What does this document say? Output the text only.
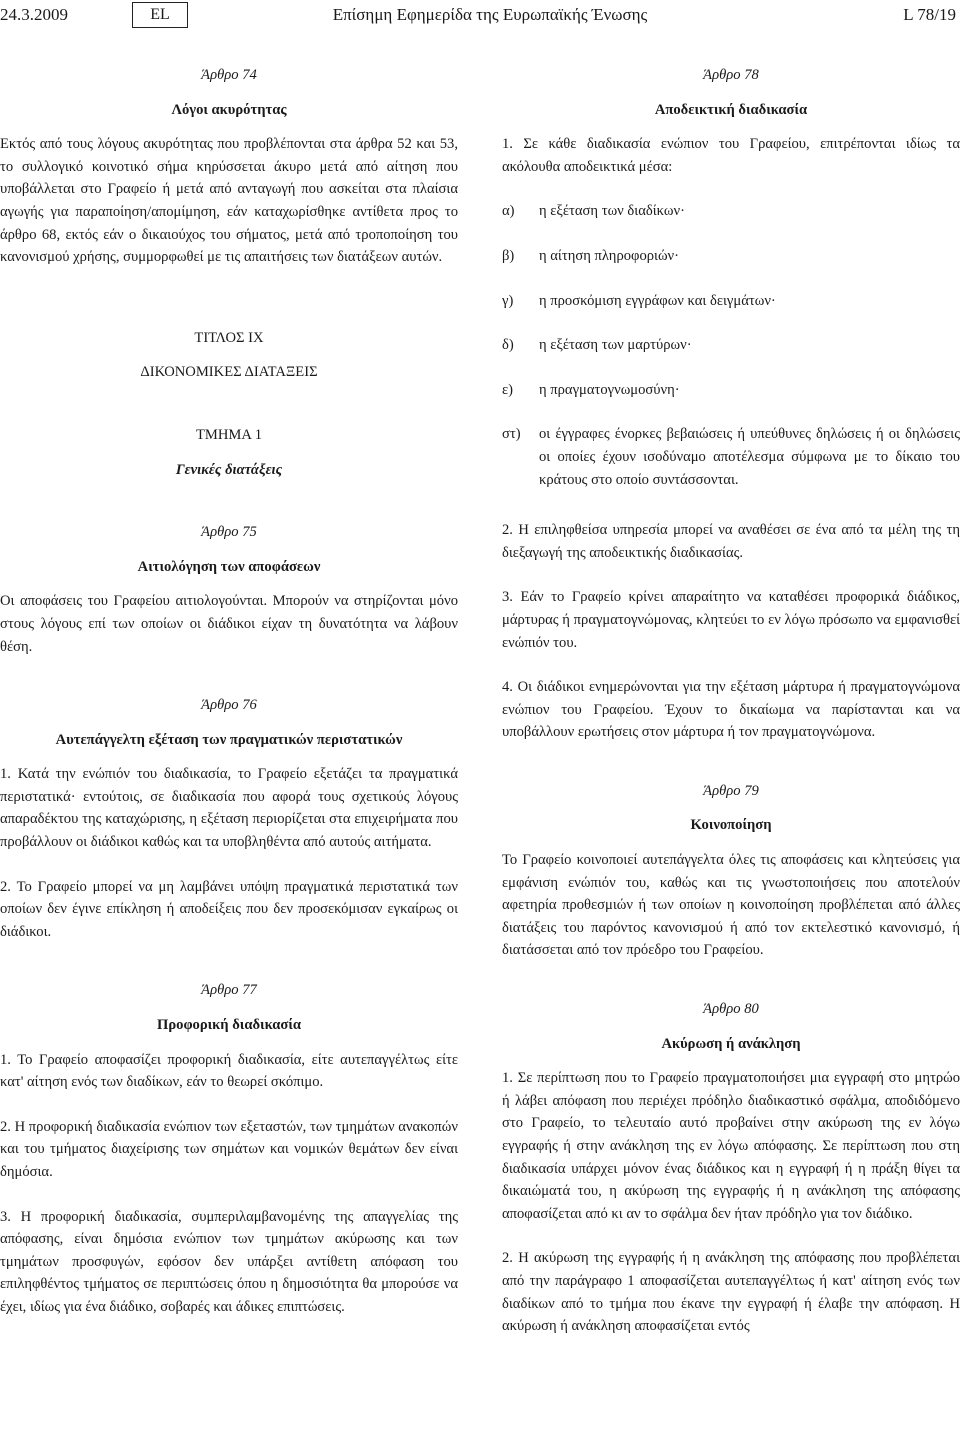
24.3.2009	EL	Επίσημη Εφημερίδα της Ευρωπαϊκής Ένωσης	L 78/19

Άρθρο 74

Λόγοι ακυρότητας

Εκτός από τους λόγους ακυρότητας που προβλέπονται στα άρθρα 52 και 53, το συλλογικό κοινοτικό σήμα κηρύσσεται άκυρο μετά από αίτηση που υποβάλλεται στο Γραφείο ή μετά από ανταγωγή που ασκείται στα πλαίσια αγωγής για παραποίηση/απομίμηση, εάν καταχωρίσθηκε αντίθετα προς το άρθρο 68, εκτός εάν ο δικαιούχος του σήματος, μετά από τροποποίηση του κανονισμού χρήσης, συμμορφωθεί με τις απαιτήσεις των διατάξεων αυτών.

ΤΙΤΛΟΣ IX

ΔΙΚΟΝΟΜΙΚΕΣ ΔΙΑΤΑΞΕΙΣ

ΤΜΗΜΑ 1

Γενικές διατάξεις

Άρθρο 75

Αιτιολόγηση των αποφάσεων

Οι αποφάσεις του Γραφείου αιτιολογούνται. Μπορούν να στηρίζονται μόνο στους λόγους επί των οποίων οι διάδικοι είχαν τη δυνατότητα να λάβουν θέση.

Άρθρο 76

Αυτεπάγγελτη εξέταση των πραγματικών περιστατικών

1. Κατά την ενώπιόν του διαδικασία, το Γραφείο εξετάζει τα πραγματικά περιστατικά· εντούτοις, σε διαδικασία που αφορά τους σχετικούς λόγους απαραδέκτου της καταχώρισης, η εξέταση περιορίζεται στα επιχειρήματα που προβάλλουν οι διάδικοι καθώς και τα υποβληθέντα από αυτούς αιτήματα.

2. Το Γραφείο μπορεί να μη λαμβάνει υπόψη πραγματικά περιστατικά των οποίων δεν έγινε επίκληση ή αποδείξεις που δεν προσεκόμισαν εγκαίρως οι διάδικοι.

Άρθρο 77

Προφορική διαδικασία

1. Το Γραφείο αποφασίζει προφορική διαδικασία, είτε αυτεπαγγέλτως είτε κατ' αίτηση ενός των διαδίκων, εάν το θεωρεί σκόπιμο.

2. Η προφορική διαδικασία ενώπιον των εξεταστών, των τμημάτων ανακοπών και του τμήματος διαχείρισης των σημάτων και νομικών θεμάτων δεν είναι δημόσια.

3. Η προφορική διαδικασία, συμπεριλαμβανομένης της απαγγελίας της απόφασης, είναι δημόσια ενώπιον των τμημάτων ακύρωσης και των τμημάτων προσφυγών, εφόσον δεν υπάρξει αντίθετη απόφαση του επιληφθέντος τμήματος σε περιπτώσεις όπου η δημοσιότητα θα μπορούσε να έχει, ιδίως για ένα διάδικο, σοβαρές και άδικες επιπτώσεις.

Άρθρο 78

Αποδεικτική διαδικασία

1. Σε κάθε διαδικασία ενώπιον του Γραφείου, επιτρέπονται ιδίως τα ακόλουθα αποδεικτικά μέσα:

α)	η εξέταση των διαδίκων·
β)	η αίτηση πληροφοριών·
γ)	η προσκόμιση εγγράφων και δειγμάτων·
δ)	η εξέταση των μαρτύρων·
ε)	η πραγματογνωμοσύνη·
στ)	οι έγγραφες ένορκες βεβαιώσεις ή υπεύθυνες δηλώσεις ή οι δηλώσεις οι οποίες έχουν ισοδύναμο αποτέλεσμα σύμφωνα με το δίκαιο του κράτους στο οποίο συντάσσονται.

2. Η επιληφθείσα υπηρεσία μπορεί να αναθέσει σε ένα από τα μέλη της τη διεξαγωγή της αποδεικτικής διαδικασίας.

3. Εάν το Γραφείο κρίνει απαραίτητο να καταθέσει προφορικά διάδικος, μάρτυρας ή πραγματογνώμονας, κλητεύει το εν λόγω πρόσωπο να εμφανισθεί ενώπιόν του.

4. Οι διάδικοι ενημερώνονται για την εξέταση μάρτυρα ή πραγματογνώμονα ενώπιον του Γραφείου. Έχουν το δικαίωμα να παρίστανται και να υποβάλλουν ερωτήσεις στον μάρτυρα ή τον πραγματογνώμονα.

Άρθρο 79

Κοινοποίηση

Το Γραφείο κοινοποιεί αυτεπάγγελτα όλες τις αποφάσεις και κλητεύσεις για εμφάνιση ενώπιόν του, καθώς και τις γνωστοποιήσεις που αποτελούν αφετηρία προθεσμιών ή των οποίων η κοινοποίηση προβλέπεται από άλλες διατάξεις του παρόντος κανονισμού ή από τον εκτελεστικό κανονισμό, ή διατάσσεται από τον πρόεδρο του Γραφείου.

Άρθρο 80

Ακύρωση ή ανάκληση

1. Σε περίπτωση που το Γραφείο πραγματοποιήσει μια εγγραφή στο μητρώο ή λάβει απόφαση που περιέχει πρόδηλο διαδικαστικό σφάλμα, αποδιδόμενο στο Γραφείο, το τελευταίο αυτό προβαίνει στην ακύρωση της εν λόγω εγγραφής ή στην ανάκληση της εν λόγω απόφασης. Σε περίπτωση που στη διαδικασία υπάρχει μόνον ένας διάδικος και η εγγραφή ή η πράξη θίγει τα δικαιώματά του, η ακύρωση της εγγραφής ή η ανάκληση της απόφασης αποφασίζεται από κι αν το σφάλμα δεν ήταν πρόδηλο για τον διάδικο.

2. Η ακύρωση της εγγραφής ή η ανάκληση της απόφασης που προβλέπεται από την παράγραφο 1 αποφασίζεται αυτεπαγγέλτως ή κατ' αίτηση ενός των διαδίκων από το τμήμα που έκανε την εγγραφή ή έλαβε την απόφαση. Η ακύρωση ή ανάκληση αποφασίζεται εντός
